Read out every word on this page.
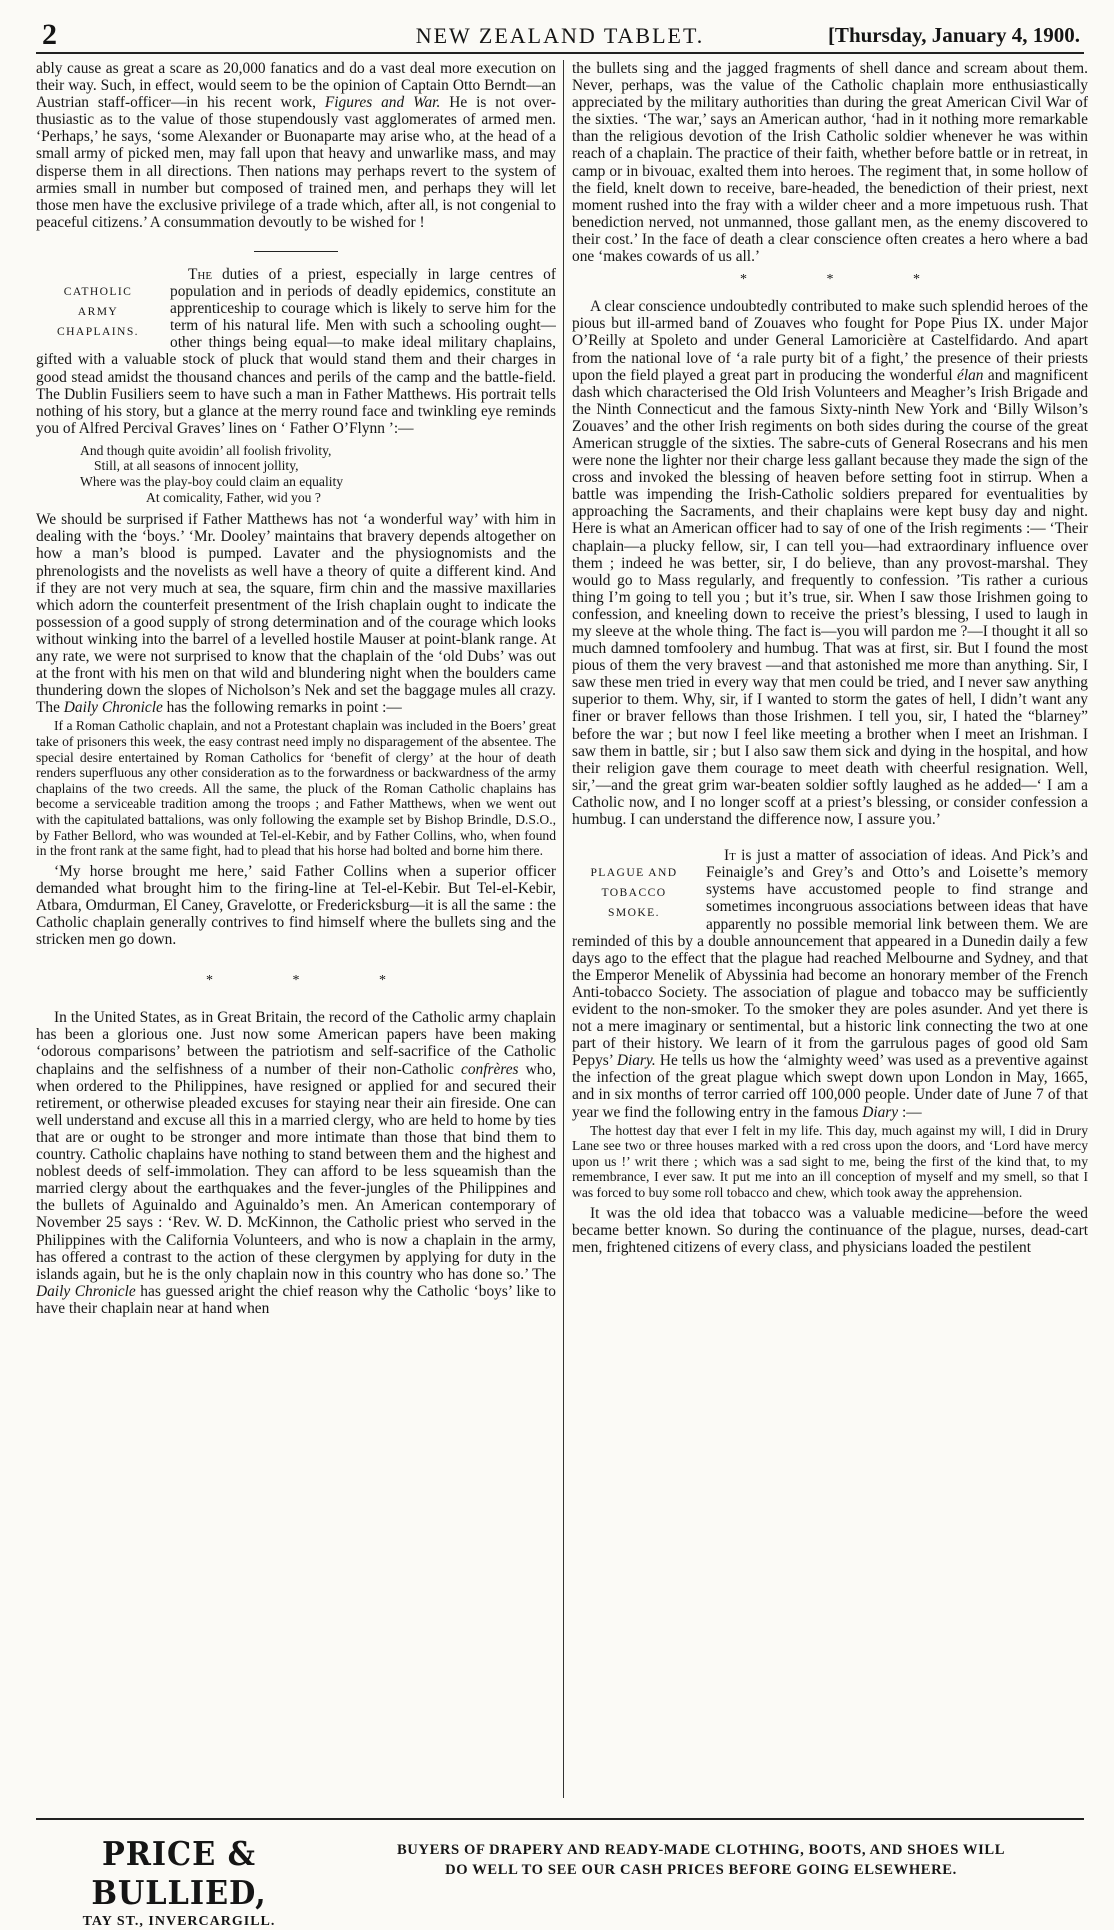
2	NEW ZEALAND TABLET.	[Thursday, January 4, 1900.

ably cause as great a scare as 20,000 fanatics and do a vast deal more execution on their way. Such, in effect, would seem to be the opinion of Captain Otto Berndt—an Austrian staff-officer—in his recent work, Figures and War. He is not over-thusiastic as to the value of those stupendously vast agglomerates of armed men. ‘Perhaps,’ he says, ‘some Alexander or Buonaparte may arise who, at the head of a small army of picked men, may fall upon that heavy and unwarlike mass, and may disperse them in all directions. Then nations may perhaps revert to the system of armies small in number but composed of trained men, and perhaps they will let those men have the exclusive privilege of a trade which, after all, is not congenial to peaceful citizens.’ A consummation devoutly to be wished for !

CATHOLIC
ARMY
CHAPLAINS.

The duties of a priest, especially in large centres of population and in periods of deadly epidemics, constitute an apprenticeship to courage which is likely to serve him for the term of his natural life. Men with such a schooling ought—other things being equal—to make ideal military chaplains, gifted with a valuable stock of pluck that would stand them and their charges in good stead amidst the thousand chances and perils of the camp and the battle-field. The Dublin Fusiliers seem to have such a man in Father Matthews. His portrait tells nothing of his story, but a glance at the merry round face and twinkling eye reminds you of Alfred Percival Graves’ lines on ‘ Father O’Flynn ’:—

And though quite avoidin’ all foolish frivolity,
Still, at all seasons of innocent jollity,
Where was the play-boy could claim an equality
At comicality, Father, wid you ?

We should be surprised if Father Matthews has not ‘a wonderful way’ with him in dealing with the ‘boys.’ ‘Mr. Dooley’ maintains that bravery depends altogether on how a man’s blood is pumped. Lavater and the physiognomists and the phrenologists and the novelists as well have a theory of quite a different kind. And if they are not very much at sea, the square, firm chin and the massive maxillaries which adorn the counterfeit presentment of the Irish chaplain ought to indicate the possession of a good supply of strong determination and of the courage which looks without winking into the barrel of a levelled hostile Mauser at point-blank range. At any rate, we were not surprised to know that the chaplain of the ‘old Dubs’ was out at the front with his men on that wild and blundering night when the boulders came thundering down the slopes of Nicholson’s Nek and set the baggage mules all crazy. The Daily Chronicle has the following remarks in point :—

If a Roman Catholic chaplain, and not a Protestant chaplain was included in the Boers’ great take of prisoners this week, the easy contrast need imply no disparagement of the absentee. The special desire entertained by Roman Catholics for ‘benefit of clergy’ at the hour of death renders superfluous any other consideration as to the forwardness or backwardness of the army chaplains of the two creeds. All the same, the pluck of the Roman Catholic chaplains has become a serviceable tradition among the troops ; and Father Matthews, when we went out with the capitulated battalions, was only following the example set by Bishop Brindle, D.S.O., by Father Bellord, who was wounded at Tel-el-Kebir, and by Father Collins, who, when found in the front rank at the same fight, had to plead that his horse had bolted and borne him there.

‘My horse brought me here,’ said Father Collins when a superior officer demanded what brought him to the firing-line at Tel-el-Kebir. But Tel-el-Kebir, Atbara, Omdurman, El Caney, Gravelotte, or Fredericksburg—it is all the same : the Catholic chaplain generally contrives to find himself where the bullets sing and the stricken men go down.

* * *

In the United States, as in Great Britain, the record of the Catholic army chaplain has been a glorious one. Just now some American papers have been making ‘odorous comparisons’ between the patriotism and self-sacrifice of the Catholic chaplains and the selfishness of a number of their non-Catholic confrères who, when ordered to the Philippines, have resigned or applied for and secured their retirement, or otherwise pleaded excuses for staying near their ain fireside. One can well understand and excuse all this in a married clergy, who are held to home by ties that are or ought to be stronger and more intimate than those that bind them to country. Catholic chaplains have nothing to stand between them and the highest and noblest deeds of self-immolation. They can afford to be less squeamish than the married clergy about the earthquakes and the fever-jungles of the Philippines and the bullets of Aguinaldo and Aguinaldo’s men. An American contemporary of November 25 says : ‘Rev. W. D. McKinnon, the Catholic priest who served in the Philippines with the California Volunteers, and who is now a chaplain in the army, has offered a contrast to the action of these clergymen by applying for duty in the islands again, but he is the only chaplain now in this country who has done so.’ The Daily Chronicle has guessed aright the chief reason why the Catholic ‘boys’ like to have their chaplain near at hand when

the bullets sing and the jagged fragments of shell dance and scream about them. Never, perhaps, was the value of the Catholic chaplain more enthusiastically appreciated by the military authorities than during the great American Civil War of the sixties. ‘The war,’ says an American author, ‘had in it nothing more remarkable than the religious devotion of the Irish Catholic soldier whenever he was within reach of a chaplain. The practice of their faith, whether before battle or in retreat, in camp or in bivouac, exalted them into heroes. The regiment that, in some hollow of the field, knelt down to receive, bare-headed, the benediction of their priest, next moment rushed into the fray with a wilder cheer and a more impetuous rush. That benediction nerved, not unmanned, those gallant men, as the enemy discovered to their cost.’ In the face of death a clear conscience often creates a hero where a bad one ‘makes cowards of us all.’

* * *

A clear conscience undoubtedly contributed to make such splendid heroes of the pious but ill-armed band of Zouaves who fought for Pope Pius IX. under Major O’Reilly at Spoleto and under General Lamoricière at Castelfidardo. And apart from the national love of ‘a rale purty bit of a fight,’ the presence of their priests upon the field played a great part in producing the wonderful élan and magnificent dash which characterised the Old Irish Volunteers and Meagher’s Irish Brigade and the Ninth Connecticut and the famous Sixty-ninth New York and ‘Billy Wilson’s Zouaves’ and the other Irish regiments on both sides during the course of the great American struggle of the sixties. The sabre-cuts of General Rosecrans and his men were none the lighter nor their charge less gallant because they made the sign of the cross and invoked the blessing of heaven before setting foot in stirrup. When a battle was impending the Irish-Catholic soldiers prepared for eventualities by approaching the Sacraments, and their chaplains were kept busy day and night. Here is what an American officer had to say of one of the Irish regiments :— ‘Their chaplain—a plucky fellow, sir, I can tell you—had extraordinary influence over them ; indeed he was better, sir, I do believe, than any provost-marshal. They would go to Mass regularly, and frequently to confession. ’Tis rather a curious thing I’m going to tell you ; but it’s true, sir. When I saw those Irishmen going to confession, and kneeling down to receive the priest’s blessing, I used to laugh in my sleeve at the whole thing. The fact is—you will pardon me ?—I thought it all so much damned tomfoolery and humbug. That was at first, sir. But I found the most pious of them the very bravest —and that astonished me more than anything. Sir, I saw these men tried in every way that men could be tried, and I never saw anything superior to them. Why, sir, if I wanted to storm the gates of hell, I didn’t want any finer or braver fellows than those Irishmen. I tell you, sir, I hated the “blarney” before the war ; but now I feel like meeting a brother when I meet an Irishman. I saw them in battle, sir ; but I also saw them sick and dying in the hospital, and how their religion gave them courage to meet death with cheerful resignation. Well, sir,’—and the great grim war-beaten soldier softly laughed as he added—‘ I am a Catholic now, and I no longer scoff at a priest’s blessing, or consider confession a humbug. I can understand the difference now, I assure you.’

PLAGUE AND
TOBACCO
SMOKE.

It is just a matter of association of ideas. And Pick’s and Feinaigle’s and Grey’s and Otto’s and Loisette’s memory systems have accustomed people to find strange and sometimes incongruous associations between ideas that have apparently no possible memorial link between them. We are reminded of this by a double announcement that appeared in a Dunedin daily a few days ago to the effect that the plague had reached Melbourne and Sydney, and that the Emperor Menelik of Abyssinia had become an honorary member of the French Anti-tobacco Society. The association of plague and tobacco may be sufficiently evident to the non-smoker. To the smoker they are poles asunder. And yet there is not a mere imaginary or sentimental, but a historic link connecting the two at one part of their history. We learn of it from the garrulous pages of good old Sam Pepys’ Diary. He tells us how the ‘almighty weed’ was used as a preventive against the infection of the great plague which swept down upon London in May, 1665, and in six months of terror carried off 100,000 people. Under date of June 7 of that year we find the following entry in the famous Diary :—

The hottest day that ever I felt in my life. This day, much against my will, I did in Drury Lane see two or three houses marked with a red cross upon the doors, and ‘Lord have mercy upon us !’ writ there ; which was a sad sight to me, being the first of the kind that, to my remembrance, I ever saw. It put me into an ill conception of myself and my smell, so that I was forced to buy some roll tobacco and chew, which took away the apprehension.

It was the old idea that tobacco was a valuable medicine—before the weed became better known. So during the continuance of the plague, nurses, dead-cart men, frightened citizens of every class, and physicians loaded the pestilent

PRICE & BULLIED,
TAY ST., INVERCARGILL.
BUYERS OF DRAPERY AND READY-MADE CLOTHING, BOOTS, AND SHOES WILL
DO WELL TO SEE OUR CASH PRICES BEFORE GOING ELSEWHERE.
